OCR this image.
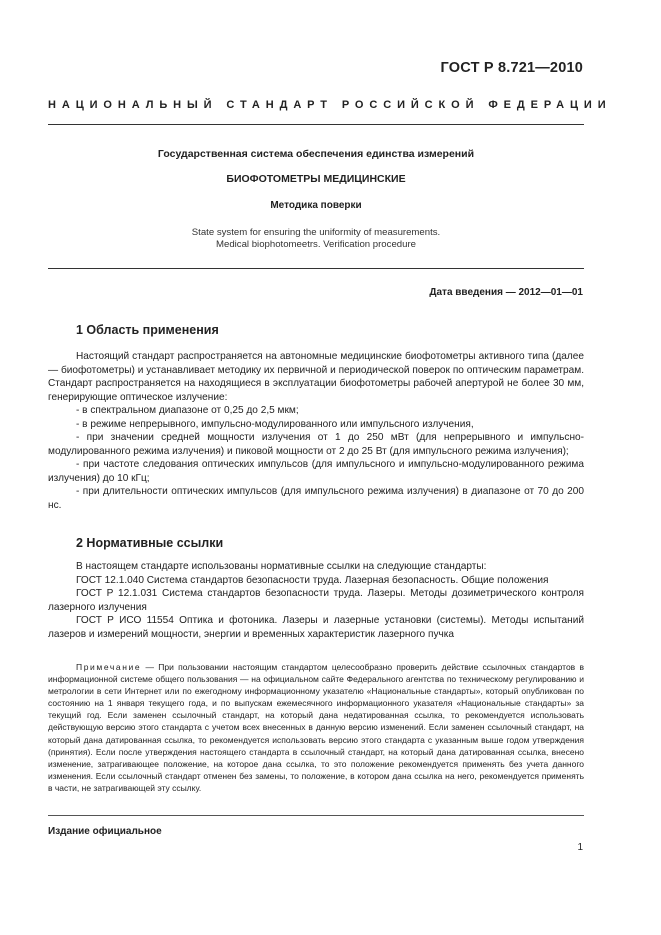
ГОСТ Р 8.721—2010
НАЦИОНАЛЬНЫЙ СТАНДАРТ РОССИЙСКОЙ ФЕДЕРАЦИИ
Государственная система обеспечения единства измерений
БИОФОТОМЕТРЫ МЕДИЦИНСКИЕ
Методика поверки
State system for ensuring the uniformity of measurements.
Medical biophotomeetrs. Verification procedure
Дата введения — 2012—01—01
1 Область применения

Настоящий стандарт распространяется на автономные медицинские биофотометры активного типа (далее — биофотометры) и устанавливает методику их первичной и периодической поверок по оптическим параметрам. Стандарт распространяется на находящиеся в эксплуатации биофотометры рабочей апертурой не более 30 мм, генерирующие оптическое излучение:

- в спектральном диапазоне от 0,25 до 2,5 мкм;

- в режиме непрерывного, импульсно-модулированного или импульсного излучения,

- при значении средней мощности излучения от 1 до 250 мВт (для непрерывного и импульсно-модулированного режима излучения) и пиковой мощности от 2 до 25 Вт (для импульсного режима излучения);

- при частоте следования оптических импульсов (для импульсного и импульсно-модулированного режима излучения) до 10 кГц;

- при длительности оптических импульсов (для импульсного режима излучения) в диапазоне от 70 до 200 нс.

2 Нормативные ссылки

В настоящем стандарте использованы нормативные ссылки на следующие стандарты:

ГОСТ 12.1.040 Система стандартов безопасности труда. Лазерная безопасность. Общие положения

ГОСТ Р 12.1.031 Система стандартов безопасности труда. Лазеры. Методы дозиметрического контроля лазерного излучения

ГОСТ Р ИСО 11554 Оптика и фотоника. Лазеры и лазерные установки (системы). Методы испытаний лазеров и измерений мощности, энергии и временных характеристик лазерного пучка

Примечание — При пользовании настоящим стандартом целесообразно проверить действие ссылочных стандартов в информационной системе общего пользования — на официальном сайте Федерального агентства по техническому регулированию и метрологии в сети Интернет или по ежегодному информационному указателю «Национальные стандарты», который опубликован по состоянию на 1 января текущего года, и по выпускам ежемесячного информационного указателя «Национальные стандарты» за текущий год. Если заменен ссылочный стандарт, на который дана недатированная ссылка, то рекомендуется использовать действующую версию этого стандарта с учетом всех внесенных в данную версию изменений. Если заменен ссылочный стандарт, на который дана датированная ссылка, то рекомендуется использовать версию этого стандарта с указанным выше годом утверждения (принятия). Если после утверждения настоящего стандарта в ссылочный стандарт, на который дана датированная ссылка, внесено изменение, затрагивающее положение, на которое дана ссылка, то это положение рекомендуется применять без учета данного изменения. Если ссылочный стандарт отменен без замены, то положение, в котором дана ссылка на него, рекомендуется применять в части, не затрагивающей эту ссылку.
Издание официальное
1
